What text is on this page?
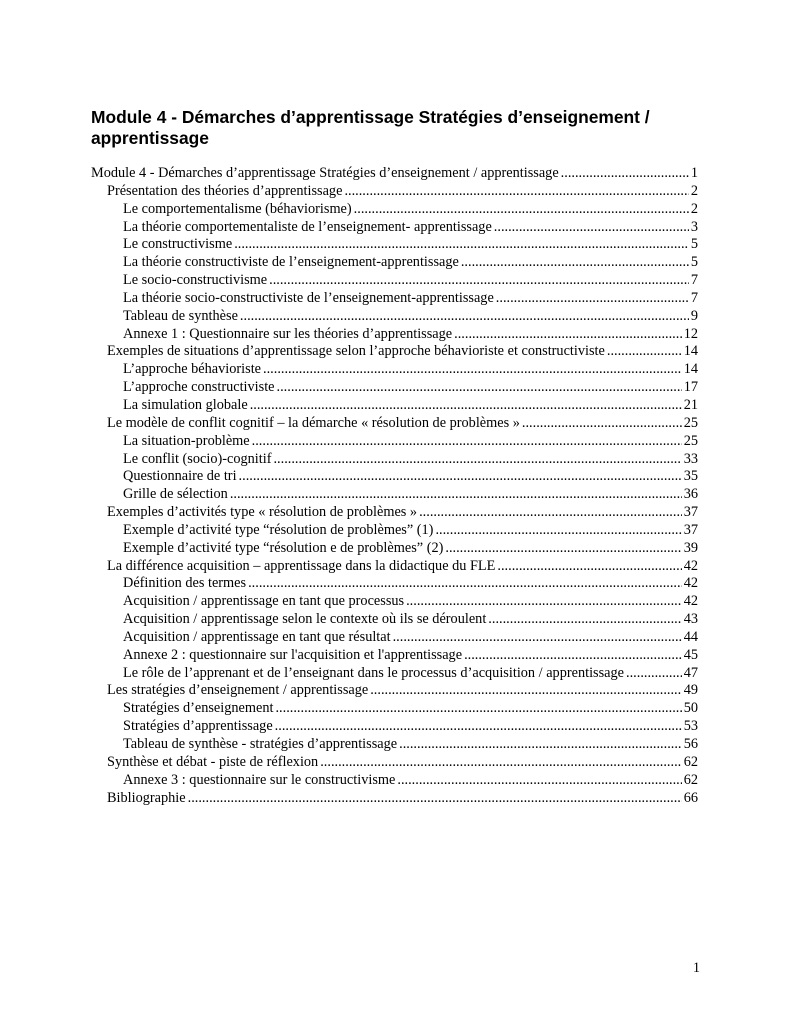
Module 4 - Démarches d’apprentissage Stratégies d’enseignement / apprentissage
Module 4 - Démarches d’apprentissage Stratégies d’enseignement / apprentissage .....	1
Présentation des théories d’apprentissage .....	2
Le comportementalisme (béhaviorisme) .....	2
La théorie comportementaliste de l’enseignement- apprentissage .....	3
Le constructivisme .....	5
La théorie constructiviste de l’enseignement-apprentissage .....	5
Le socio-constructivisme .....	7
La théorie socio-constructiviste de l’enseignement-apprentissage .....	7
Tableau de synthèse .....	9
Annexe 1 : Questionnaire sur les théories d’apprentissage .....	12
Exemples de situations d’apprentissage selon l’approche béhavioriste et constructiviste .....	14
L’approche béhavioriste .....	14
L’approche constructiviste .....	17
La simulation globale .....	21
Le modèle de conflit cognitif – la démarche « résolution de problèmes » .....	25
La situation-problème .....	25
Le conflit (socio)-cognitif .....	33
Questionnaire de tri .....	35
Grille de sélection .....	36
Exemples d’activités type « résolution de problèmes » .....	37
Exemple d’activité type “résolution de problèmes” (1) .....	37
Exemple d’activité type “résolution e de problèmes” (2) .....	39
La différence acquisition – apprentissage dans la didactique du FLE .....	42
Définition des termes .....	42
Acquisition / apprentissage en tant que processus .....	42
Acquisition / apprentissage selon le contexte où ils se déroulent .....	43
Acquisition / apprentissage en tant que résultat .....	44
Annexe 2 : questionnaire sur l'acquisition et l'apprentissage .....	45
Le rôle de l’apprenant et de l’enseignant dans le processus d’acquisition / apprentissage .....	47
Les stratégies d’enseignement / apprentissage .....	49
Stratégies d’enseignement .....	50
Stratégies d’apprentissage .....	53
Tableau de synthèse - stratégies d’apprentissage .....	56
Synthèse et débat - piste de réflexion .....	62
Annexe 3 : questionnaire sur le constructivisme .....	62
Bibliographie .....	66
1
